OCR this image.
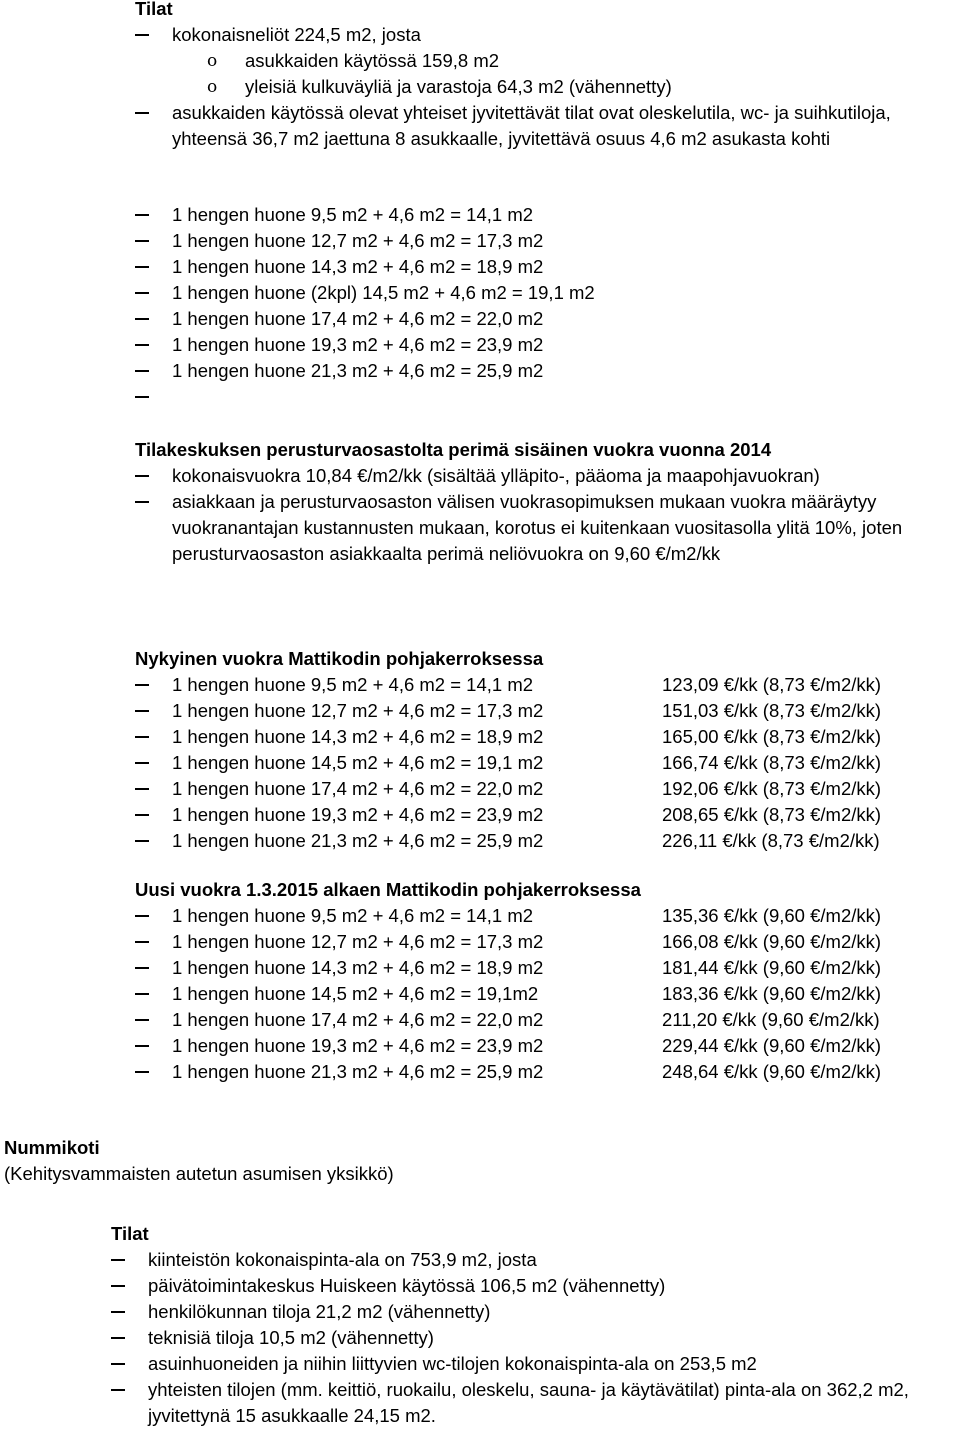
Tilat
kokonaisneliöt 224,5 m2, josta
o asukkaiden käytössä 159,8 m2
o yleisiä kulkuväyliä ja varastoja 64,3 m2 (vähennetty)
asukkaiden käytössä olevat yhteiset jyvitettävät tilat ovat oleskelutila, wc- ja suihkutiloja, yhteensä 36,7 m2 jaettuna 8 asukkaalle, jyvitettävä osuus 4,6 m2 asukasta kohti
1 hengen huone 9,5 m2 + 4,6 m2 = 14,1 m2
1 hengen huone 12,7 m2 + 4,6 m2 = 17,3 m2
1 hengen huone 14,3 m2 + 4,6 m2 = 18,9 m2
1 hengen huone (2kpl) 14,5 m2 + 4,6 m2 = 19,1 m2
1 hengen huone 17,4 m2 + 4,6 m2 = 22,0 m2
1 hengen huone 19,3 m2 + 4,6 m2 = 23,9 m2
1 hengen huone 21,3 m2 + 4,6 m2 = 25,9 m2
Tilakeskuksen perusturvaosastolta perimä sisäinen vuokra vuonna 2014
kokonaisvuokra 10,84 €/m2/kk (sisältää ylläpito-, pääoma ja maapohjavuokran)
asiakkaan ja perusturvaosaston välisen vuokrasopimuksen mukaan vuokra määräytyy vuokranantajan kustannusten mukaan, korotus ei kuitenkaan vuositasolla ylitä 10%, joten perusturvaosaston asiakkaalta perimä neliövuokra on 9,60 €/m2/kk
Nykyinen vuokra Mattikodin pohjakerroksessa
1 hengen huone 9,5 m2 + 4,6 m2 = 14,1 m2	123,09 €/kk (8,73 €/m2/kk)
1 hengen huone 12,7 m2 + 4,6 m2 = 17,3 m2	151,03 €/kk (8,73 €/m2/kk)
1 hengen huone 14,3 m2 + 4,6 m2 = 18,9 m2	165,00 €/kk (8,73 €/m2/kk)
1 hengen huone 14,5 m2 + 4,6 m2 = 19,1 m2	166,74 €/kk (8,73 €/m2/kk)
1 hengen huone 17,4 m2 + 4,6 m2 = 22,0 m2	192,06 €/kk (8,73 €/m2/kk)
1 hengen huone 19,3 m2 + 4,6 m2 = 23,9 m2	208,65 €/kk (8,73 €/m2/kk)
1 hengen huone 21,3 m2 + 4,6 m2 = 25,9 m2	226,11 €/kk (8,73 €/m2/kk)
Uusi vuokra 1.3.2015 alkaen Mattikodin pohjakerroksessa
1 hengen huone 9,5 m2 + 4,6 m2 = 14,1 m2	135,36 €/kk (9,60 €/m2/kk)
1 hengen huone 12,7 m2 + 4,6 m2 = 17,3 m2	166,08 €/kk (9,60 €/m2/kk)
1 hengen huone 14,3 m2 + 4,6 m2 = 18,9 m2	181,44 €/kk (9,60 €/m2/kk)
1 hengen huone 14,5 m2 + 4,6 m2 = 19,1m2	183,36 €/kk (9,60 €/m2/kk)
1 hengen huone 17,4 m2 + 4,6 m2 = 22,0 m2	211,20 €/kk (9,60 €/m2/kk)
1 hengen huone 19,3 m2 + 4,6 m2 = 23,9 m2	229,44 €/kk (9,60 €/m2/kk)
1 hengen huone 21,3 m2 + 4,6 m2 = 25,9 m2	248,64 €/kk (9,60 €/m2/kk)
Nummikoti
(Kehitysvammaisten autetun asumisen yksikkö)
Tilat
kiinteistön kokonaispinta-ala on 753,9 m2, josta
päivätoimintakeskus Huiskeen käytössä 106,5 m2 (vähennetty)
henkilökunnan tiloja 21,2 m2 (vähennetty)
teknisiä tiloja 10,5 m2 (vähennetty)
asuinhuoneiden ja niihin liittyvien wc-tilojen kokonaispinta-ala on 253,5 m2
yhteisten tilojen (mm. keittiö, ruokailu, oleskelu, sauna- ja käytävätilat) pinta-ala on 362,2 m2, jyvitettynä 15 asukkaalle 24,15 m2.
